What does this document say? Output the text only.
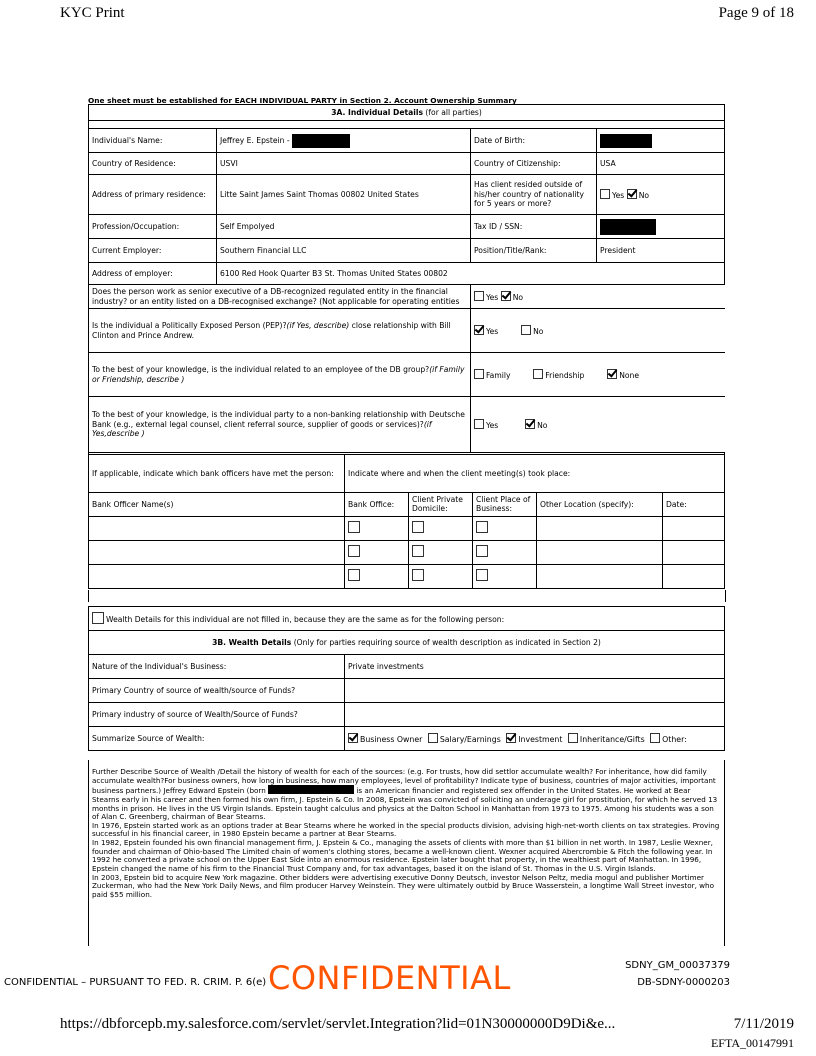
KYC Print	Page 9 of 18
One sheet must be established for EACH INDIVIDUAL PARTY in Section 2. Account Ownership Summary
3A. Individual Details (for all parties)			

Individual's Name:	Jeffrey E. Epstein -	Date of Birth:	
Country of Residence:	USVI	Country of Citizenship:	USA
Address of primary residence:	Litte Saint James Saint Thomas 00802 United States	Has client resided outside of his/her country of nationality for 5 years or more?	Yes No
Profession/Occupation:	Self Empolyed	Tax ID / SSN:	
Current Employer:	Southern Financial LLC	Position/Title/Rank:	President
Address of employer:	6100 Red Hook Quarter B3 St. Thomas United States 00802		
Does the person work as senior executive of a DB-recognized regulated entity in the financial industry? or an entity listed on a DB-recognised exchange? (Not applicable for operating entities		Yes No	
Is the individual a Politically Exposed Person (PEP)?(if Yes, describe) close relationship with Bill Clinton and Prince Andrew.		Yes No	
To the best of your knowledge, is the individual related to an employee of the DB group?(if Family or Friendship, describe )		Family Friendship None	
To the best of your knowledge, is the individual party to a non-banking relationship with Deutsche Bank (e.g., external legal counsel, client referral source, supplier of goods or services)?(if Yes,describe )		Yes No	

If applicable, indicate which bank officers have met the person:	Indicate where and when the client meeting(s) took place:				
Bank Officer Name(s)	Bank Office:	Client Private Domicile:	Client Place of Business:	Other Location (specify):	Date:

Wealth Details for this individual are not filled in, because they are the same as for the following person:	
3B. Wealth Details (Only for parties requiring source of wealth description as indicated in Section 2)	
Nature of the Individual's Business:	Private investments
Primary Country of source of wealth/source of Funds?	
Primary industry of source of Wealth/Source of Funds?	
Summarize Source of Wealth:	Business Owner Salary/Earnings Investment Inheritance/Gifts Other:
Further Describe Source of Wealth /Detail the history of wealth for each of the sources: (e.g. For trusts, how did settlor accumulate wealth? For inheritance, how did family accumulate wealth?For business owners, how long in business, how many employees, level of profitability? Indicate type of business, countries of major activities, important business partners.) Jeffrey Edward Epstein (born	is an American financier and registered sex offender in the United States. He worked at Bear Stearns early in his career and then formed his own firm, J. Epstein & Co. In 2008, Epstein was convicted of soliciting an underage girl for prostitution, for which he served 13 months in prison. He lives in the US Virgin Islands. Epstein taught calculus and physics at the Dalton School in Manhattan from 1973 to 1975. Among his students was a son of Alan C. Greenberg, chairman of Bear Stearns.
In 1976, Epstein started work as an options trader at Bear Stearns where he worked in the special products division, advising high-net-worth clients on tax strategies. Proving successful in his financial career, in 1980 Epstein became a partner at Bear Stearns.
In 1982, Epstein founded his own financial management firm, J. Epstein & Co., managing the assets of clients with more than $1 billion in net worth. In 1987, Leslie Wexner, founder and chairman of Ohio-based The Limited chain of women's clothing stores, became a well-known client. Wexner acquired Abercrombie & Fitch the following year. In 1992 he converted a private school on the Upper East Side into an enormous residence. Epstein later bought that property, in the wealthiest part of Manhattan. In 1996, Epstein changed the name of his firm to the Financial Trust Company and, for tax advantages, based it on the island of St. Thomas in the U.S. Virgin Islands.
In 2003, Epstein bid to acquire New York magazine. Other bidders were advertising executive Donny Deutsch, investor Nelson Peltz, media mogul and publisher Mortimer Zuckerman, who had the New York Daily News, and film producer Harvey Weinstein. They were ultimately outbid by Bruce Wasserstein, a longtime Wall Street investor, who paid $55 million.
SDNY_GM_00037379
DB-SDNY-0000203
CONFIDENTIAL – PURSUANT TO FED. R. CRIM. P. 6(e) CONFIDENTIAL
https://dbforcepb.my.salesforce.com/servlet/servlet.Integration?lid=01N30000000D9Di&e...	7/11/2019
EFTA_00147991
